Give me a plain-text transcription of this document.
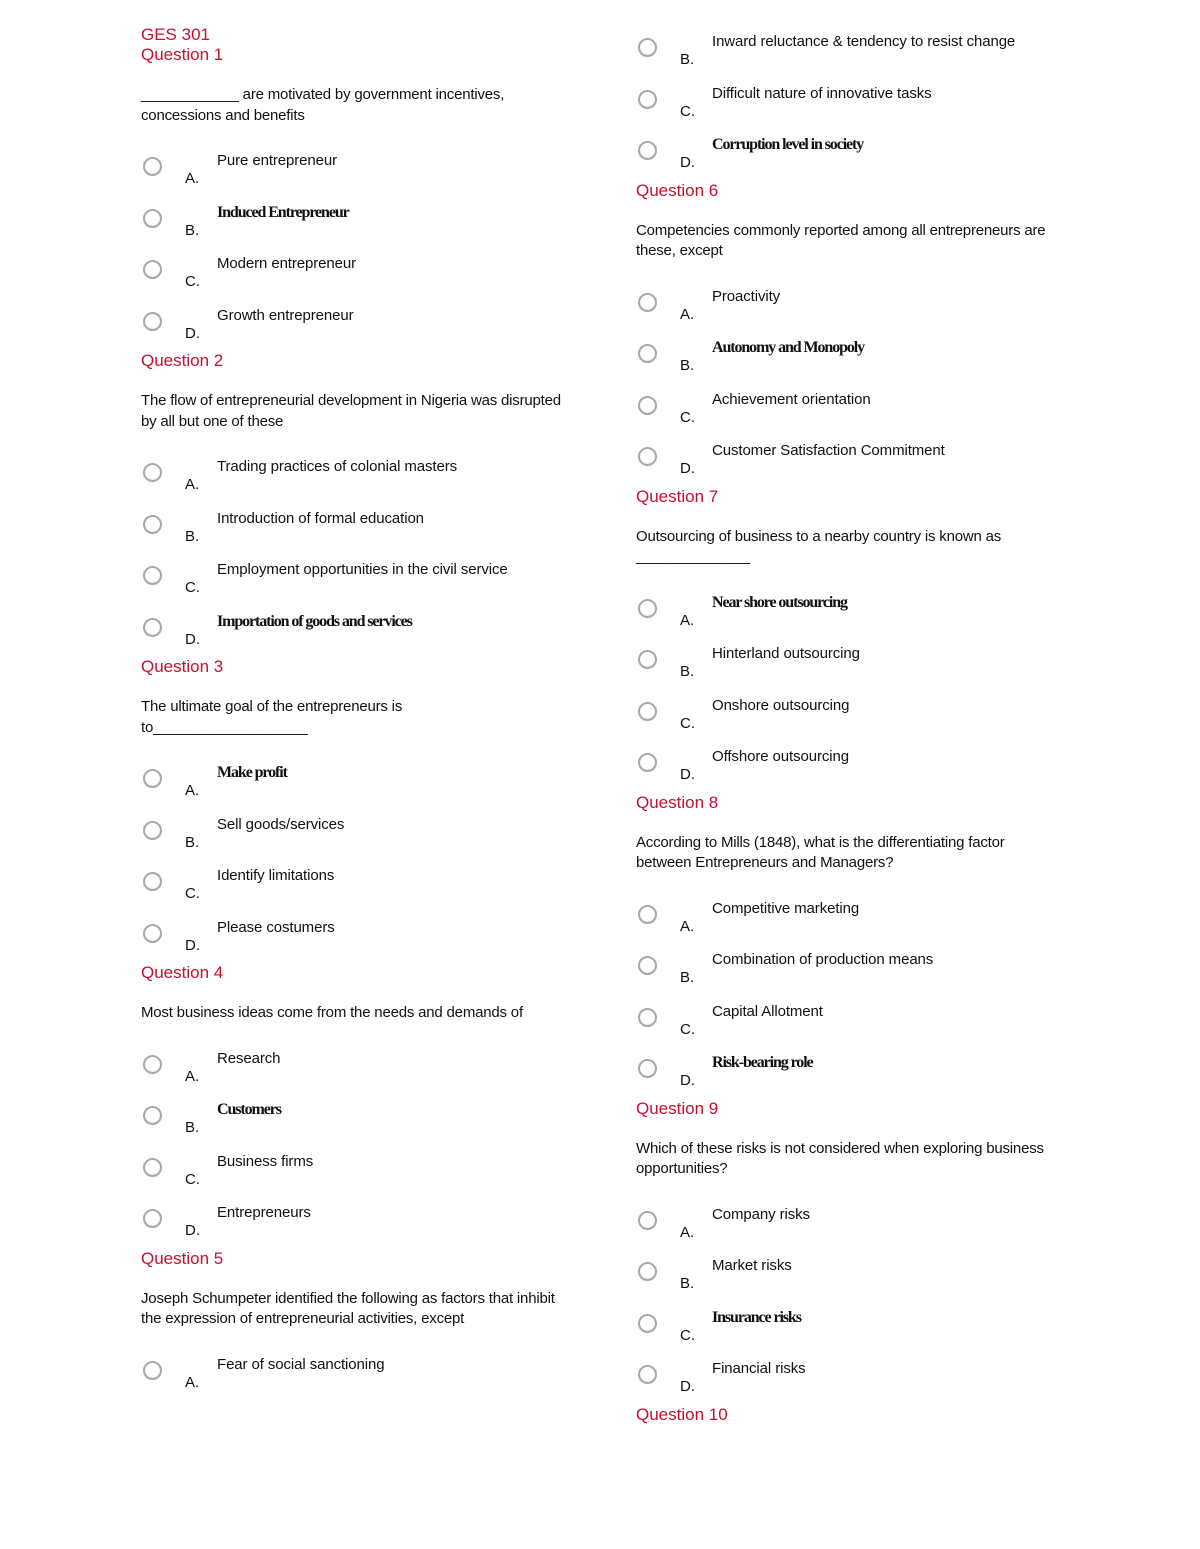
GES 301
Question 1
____________ are motivated by government incentives, concessions and benefits
Pure entrepreneur
A.
Induced Entrepreneur
B.
Modern entrepreneur
C.
Growth entrepreneur
D.
Question 2
The flow of entrepreneurial development in Nigeria was disrupted by all but one of these
Trading practices of colonial masters
A.
Introduction of formal education
B.
Employment opportunities in the civil service
C.
Importation of goods and services
D.
Question 3
The ultimate goal of the entrepreneurs is to___________________
Make profit
A.
Sell goods/services
B.
Identify limitations
C.
Please costumers
D.
Question 4
Most business ideas come from the needs and demands of
Research
A.
Customers
B.
Business firms
C.
Entrepreneurs
D.
Question 5
Joseph Schumpeter identified the following as factors that inhibit the expression of entrepreneurial activities, except
Fear of social sanctioning
A.
Inward reluctance & tendency to resist change
B.
Difficult nature of innovative tasks
C.
Corruption level in society
D.
Question 6
Competencies commonly reported among all entrepreneurs are these, except
Proactivity
A.
Autonomy and Monopoly
B.
Achievement orientation
C.
Customer Satisfaction Commitment
D.
Question 7
Outsourcing of business to a nearby country is known as ______________
Near shore outsourcing
A.
Hinterland outsourcing
B.
Onshore outsourcing
C.
Offshore outsourcing
D.
Question 8
According to Mills (1848), what is the differentiating factor between Entrepreneurs and Managers?
Competitive marketing
A.
Combination of production means
B.
Capital Allotment
C.
Risk-bearing role
D.
Question 9
Which of these risks is not considered when exploring business opportunities?
Company risks
A.
Market risks
B.
Insurance risks
C.
Financial risks
D.
Question 10
